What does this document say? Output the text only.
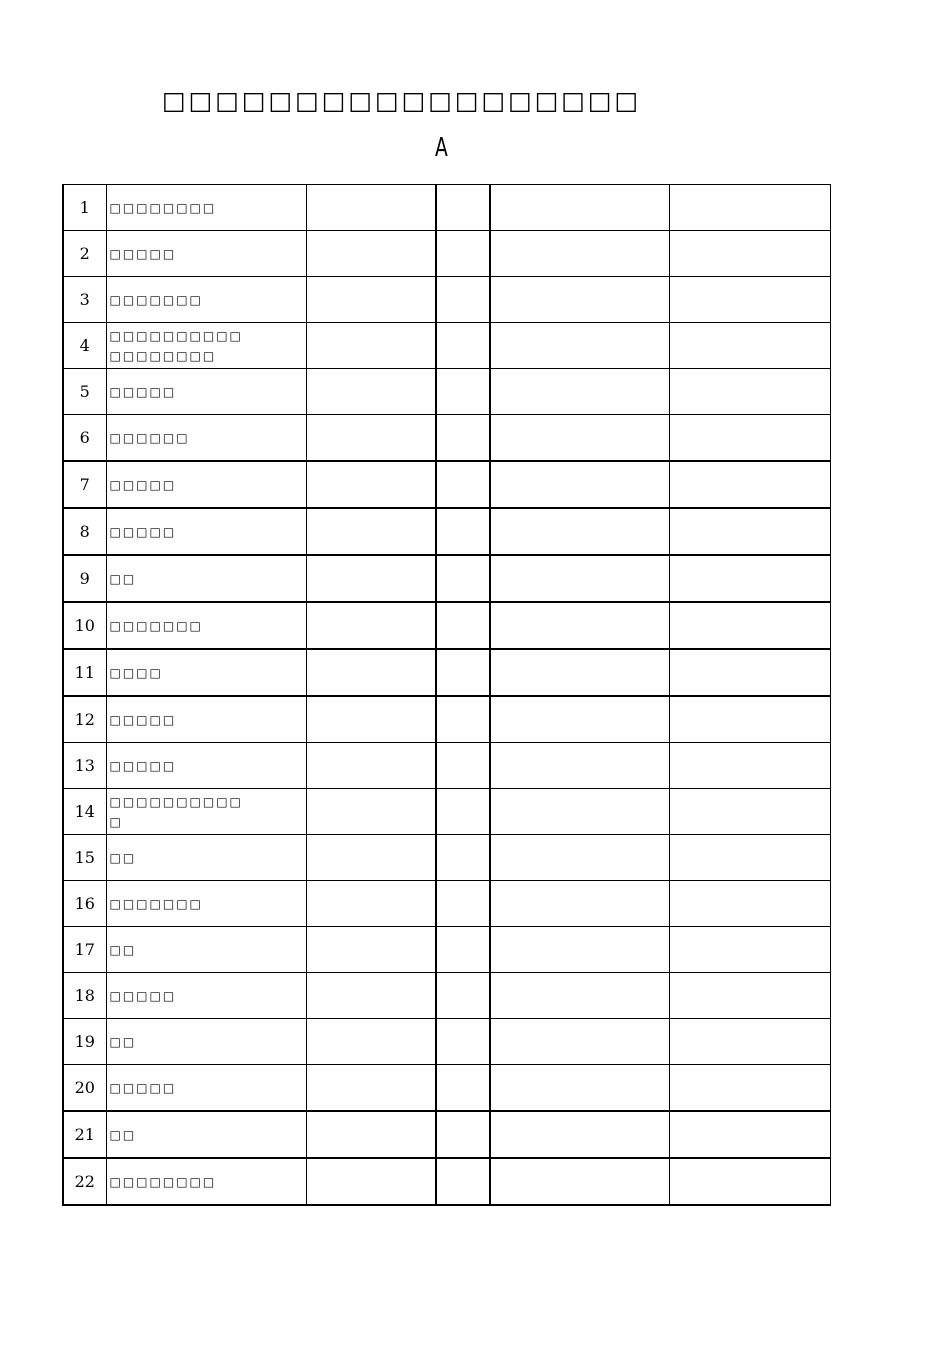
□□□□□□□□□□□□□□□□□□
A
1	□□□□□□□□				

2	□□□□□				

3	□□□□□□□				

4	□□□□□□□□□□
□□□□□□□□				

5	□□□□□				

6	□□□□□□				

7	□□□□□				

8	□□□□□				

9	□□				

10	□□□□□□□				

11	□□□□				

12	□□□□□				

13	□□□□□				

14	□□□□□□□□□□
□				

15	□□				

16	□□□□□□□				

17	□□				

18	□□□□□				

19	□□				

20	□□□□□				

21	□□				

22	□□□□□□□□				
